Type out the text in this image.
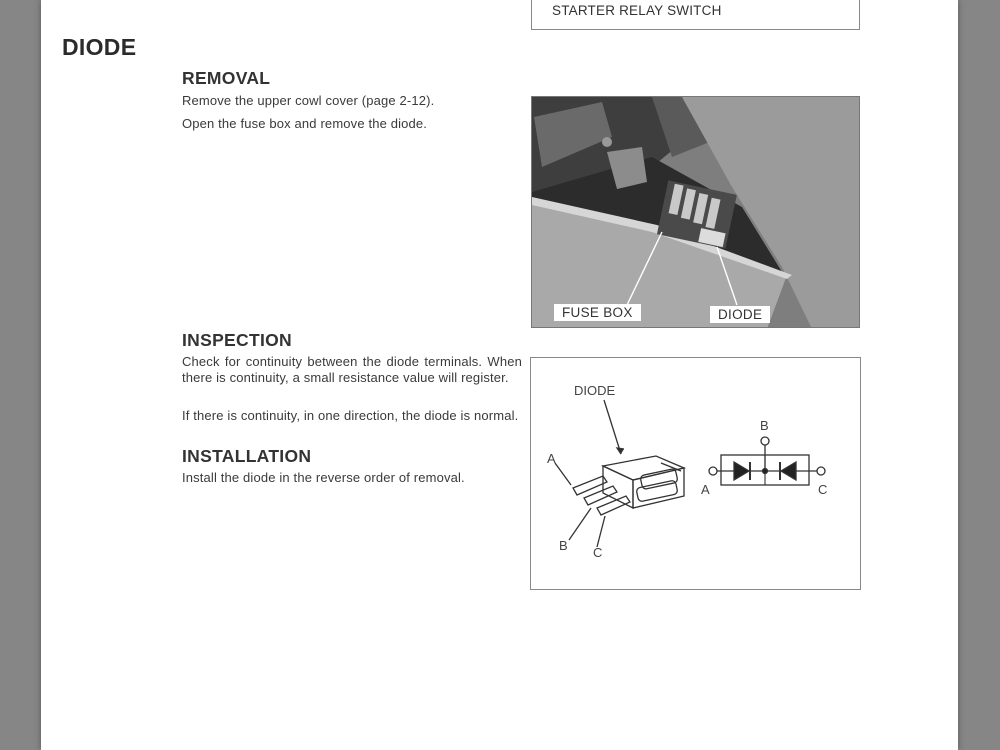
STARTER RELAY SWITCH
DIODE
REMOVAL
Remove the upper cowl cover (page 2-12).
Open the fuse box and remove the diode.
FUSE BOX	DIODE
INSPECTION
Check for continuity between the diode terminals. When there is continuity, a small resistance value will register.
If there is continuity, in one direction, the diode is normal.
INSTALLATION
Install the diode in the reverse order of removal.
DIODE
A
B C
B
A	C
